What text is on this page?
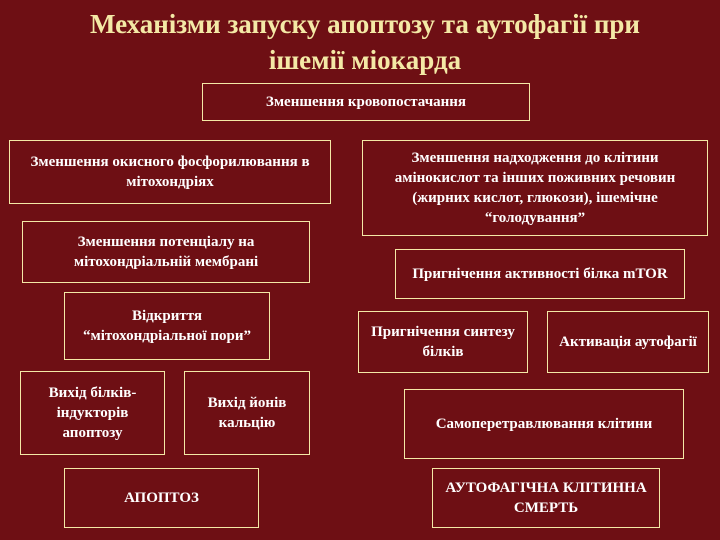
Механізми запуску апоптозу та аутофагії при
ішемії міокарда
Зменшення кровопостачання
Зменшення окисного фосфорилювання в мітохондріях
Зменшення надходження до клітини амінокислот та інших поживних речовин (жирних кислот, глюкози), ішемічне “голодування”
Зменшення потенціалу на мітохондріальній мембрані
Пригнічення активності білка mTOR
Відкриття “мітохондріальної пори”	Пригнічення синтезу білків
Активація аутофагії
Вихід білків-індукторів апоптозу
Вихід йонів кальцію	Самоперетравлювання клітини
АПОПТОЗ
АУТОФАГІЧНА КЛІТИННА СМЕРТЬ
